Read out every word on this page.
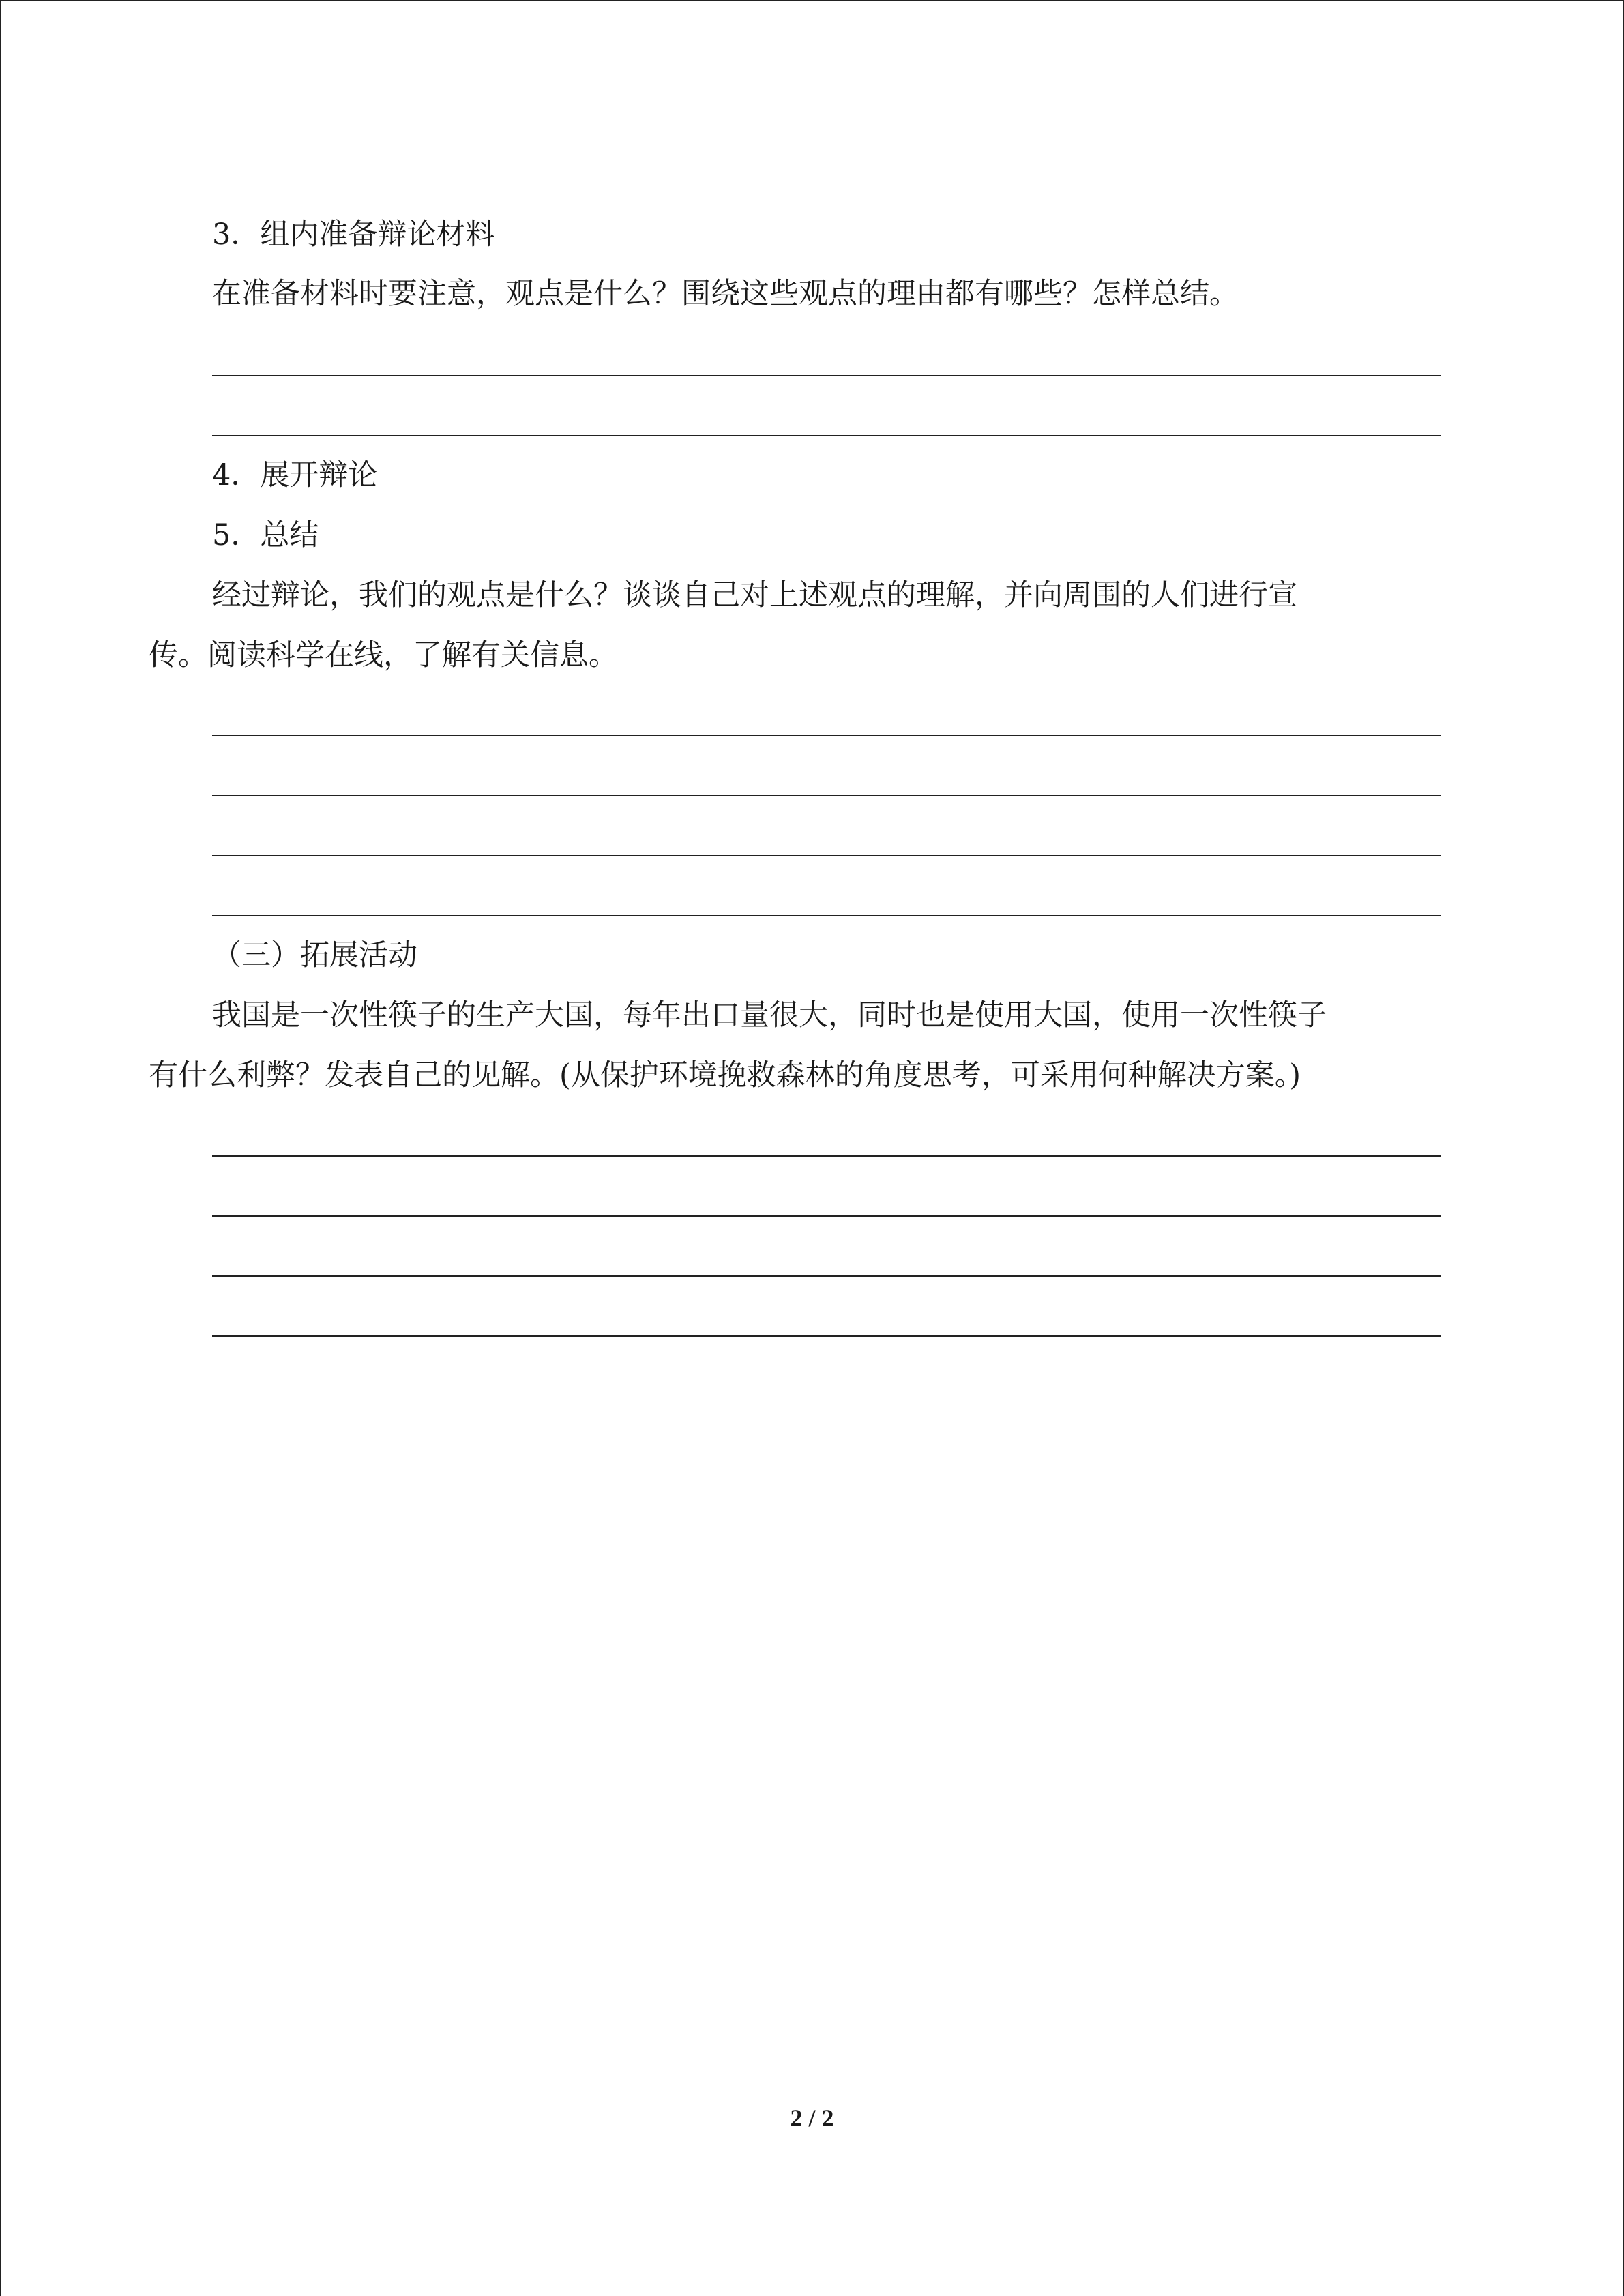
3．组内准备辩论材料
在准备材料时要注意，观点是什么？围绕这些观点的理由都有哪些？怎样总结。
4．展开辩论
5．总结
经过辩论，我们的观点是什么？谈谈自己对上述观点的理解，并向周围的人们进行宣
传。阅读科学在线，了解有关信息。
（三）拓展活动
我国是一次性筷子的生产大国，每年出口量很大，同时也是使用大国，使用一次性筷子
有什么利弊？发表自己的见解。(从保护环境挽救森林的角度思考，可采用何种解决方案。)
2 / 2
